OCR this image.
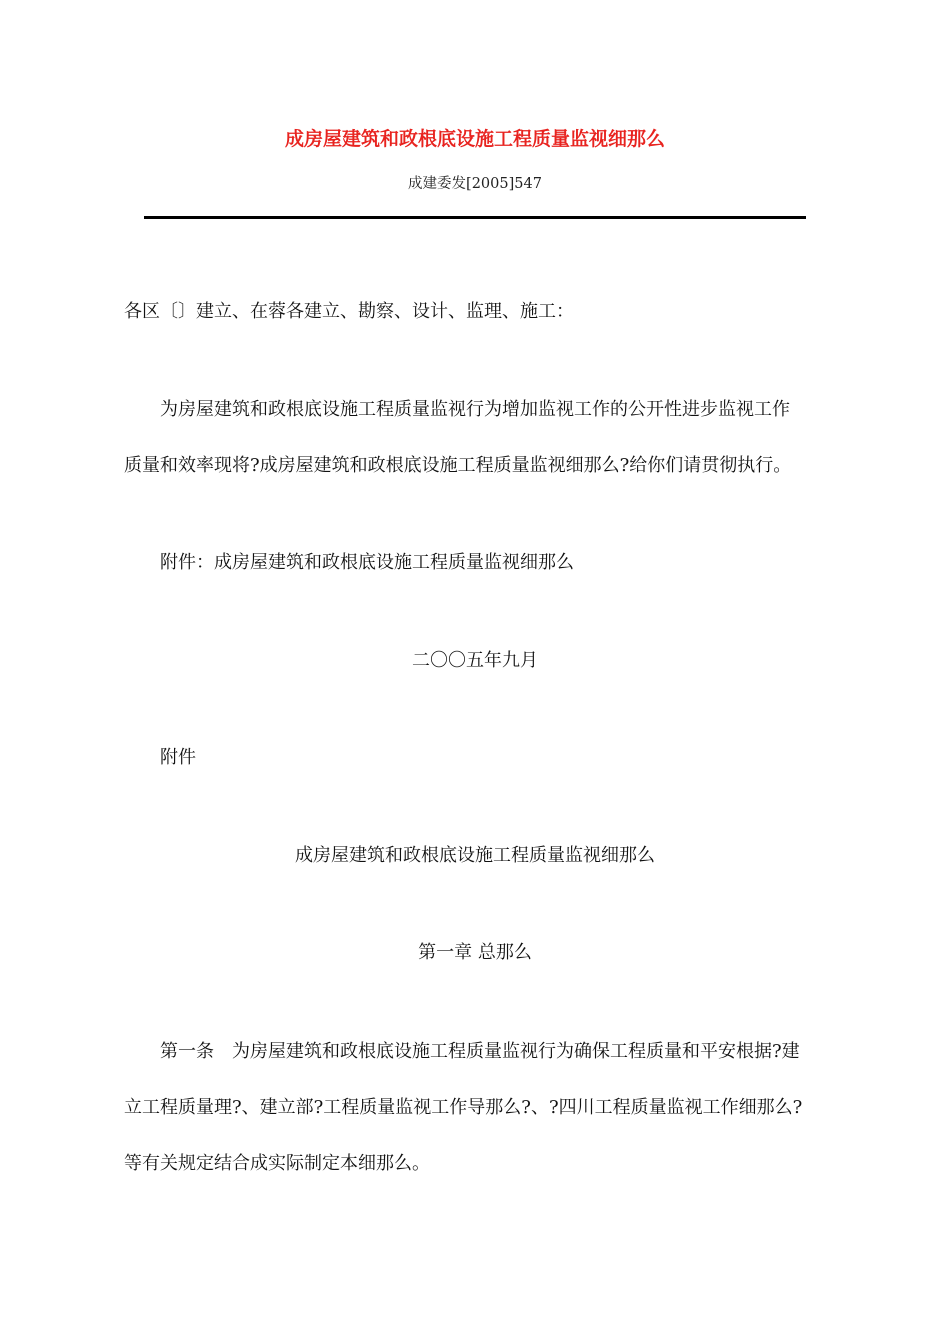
成房屋建筑和政根底设施工程质量监视细那么
成建委发[2005]547
各区〔〕建立、在蓉各建立、勘察、设计、监理、施工：
为房屋建筑和政根底设施工程质量监视行为增加监视工作的公开性进步监视工作
质量和效率现将?成房屋建筑和政根底设施工程质量监视细那么?给你们请贯彻执行。
附件：成房屋建筑和政根底设施工程质量监视细那么
二〇〇五年九月
附件
成房屋建筑和政根底设施工程质量监视细那么
第一章 总那么
第一条　为房屋建筑和政根底设施工程质量监视行为确保工程质量和平安根据?建
立工程质量理?、建立部?工程质量监视工作导那么?、?四川工程质量监视工作细那么?
等有关规定结合成实际制定本细那么。
